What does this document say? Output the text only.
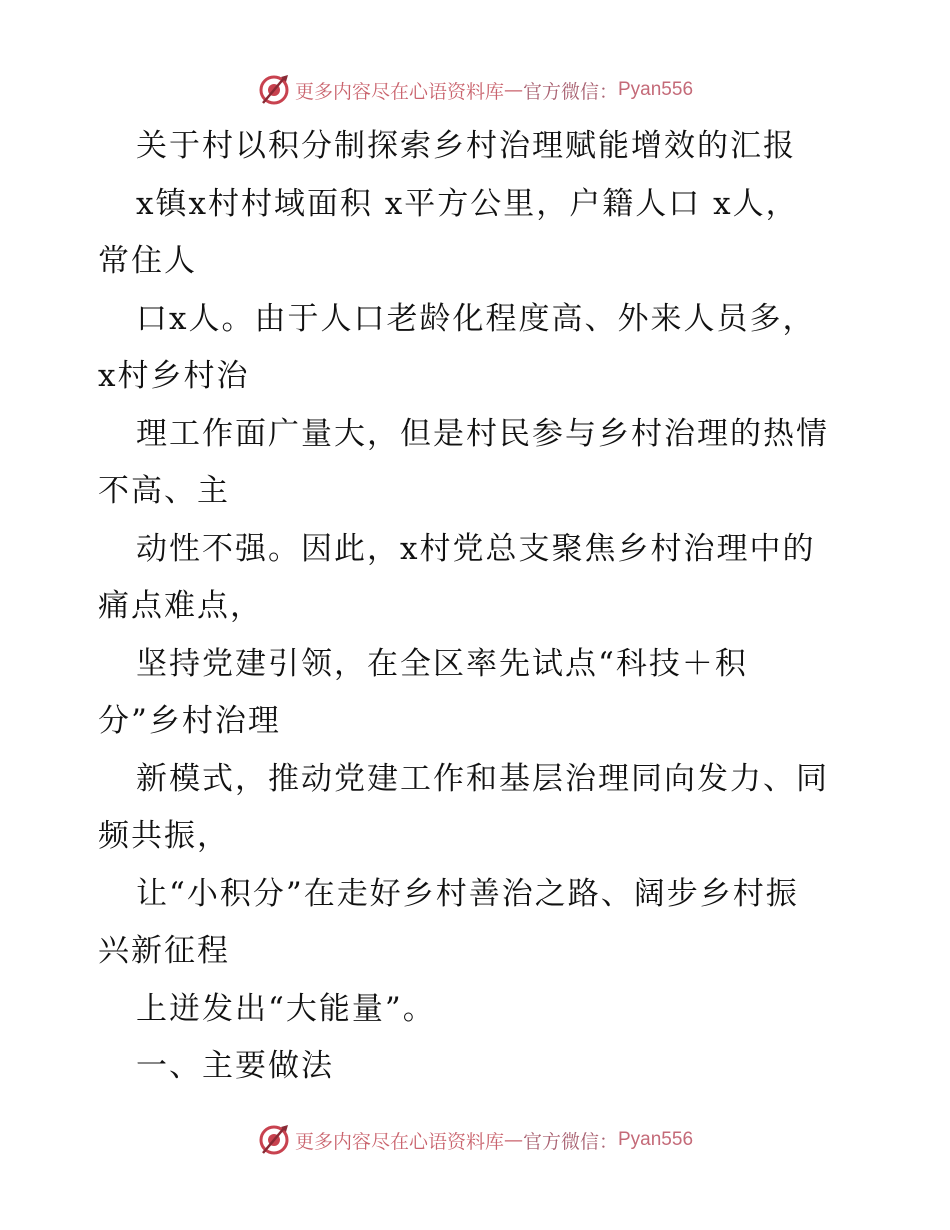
更多内容尽在心语资料库 — 官方微信： Pyan556
关于村以积分制探索乡村治理赋能增效的汇报
x镇x村村域面积 x平方公里，户籍人口 x人，
常住人
口x人。由于人口老龄化程度高、外来人员多，
x村乡村治
理工作面广量大，但是村民参与乡村治理的热情
不高、主
动性不强。因此，x村党总支聚焦乡村治理中的
痛点难点，
坚持党建引领，在全区率先试点“科技＋积
分”乡村治理
新模式，推动党建工作和基层治理同向发力、同
频共振，
让“小积分”在走好乡村善治之路、阔步乡村振
兴新征程
上迸发出“大能量”。
一、主要做法
更多内容尽在心语资料库 — 官方微信： Pyan556
